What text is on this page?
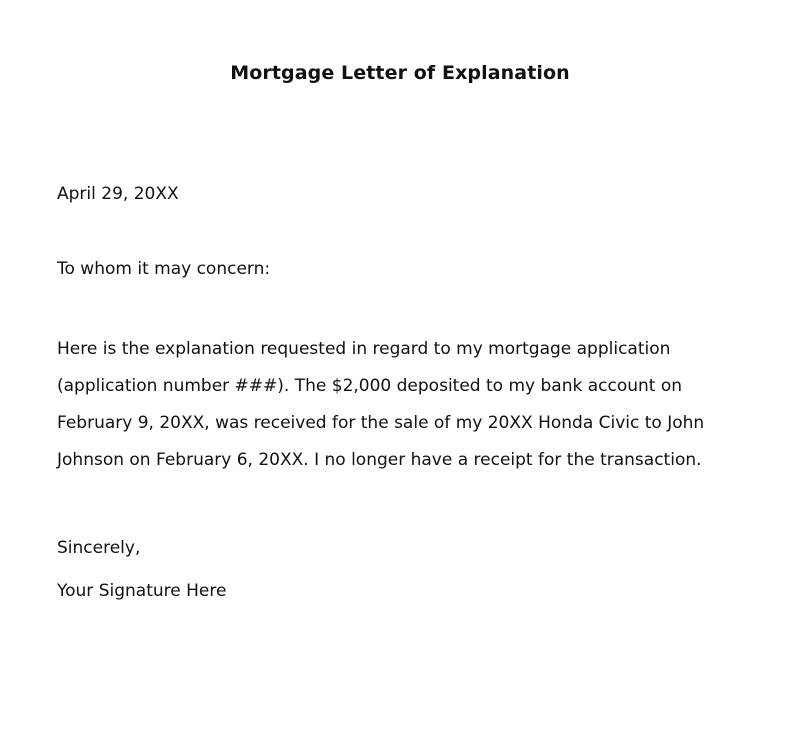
Mortgage Letter of Explanation

April 29, 20XX

To whom it may concern:

Here is the explanation requested in regard to my mortgage application
(application number ###). The $2,000 deposited to my bank account on
February 9, 20XX, was received for the sale of my 20XX Honda Civic to John
Johnson on February 6, 20XX. I no longer have a receipt for the transaction.

Sincerely,

Your Signature Here
